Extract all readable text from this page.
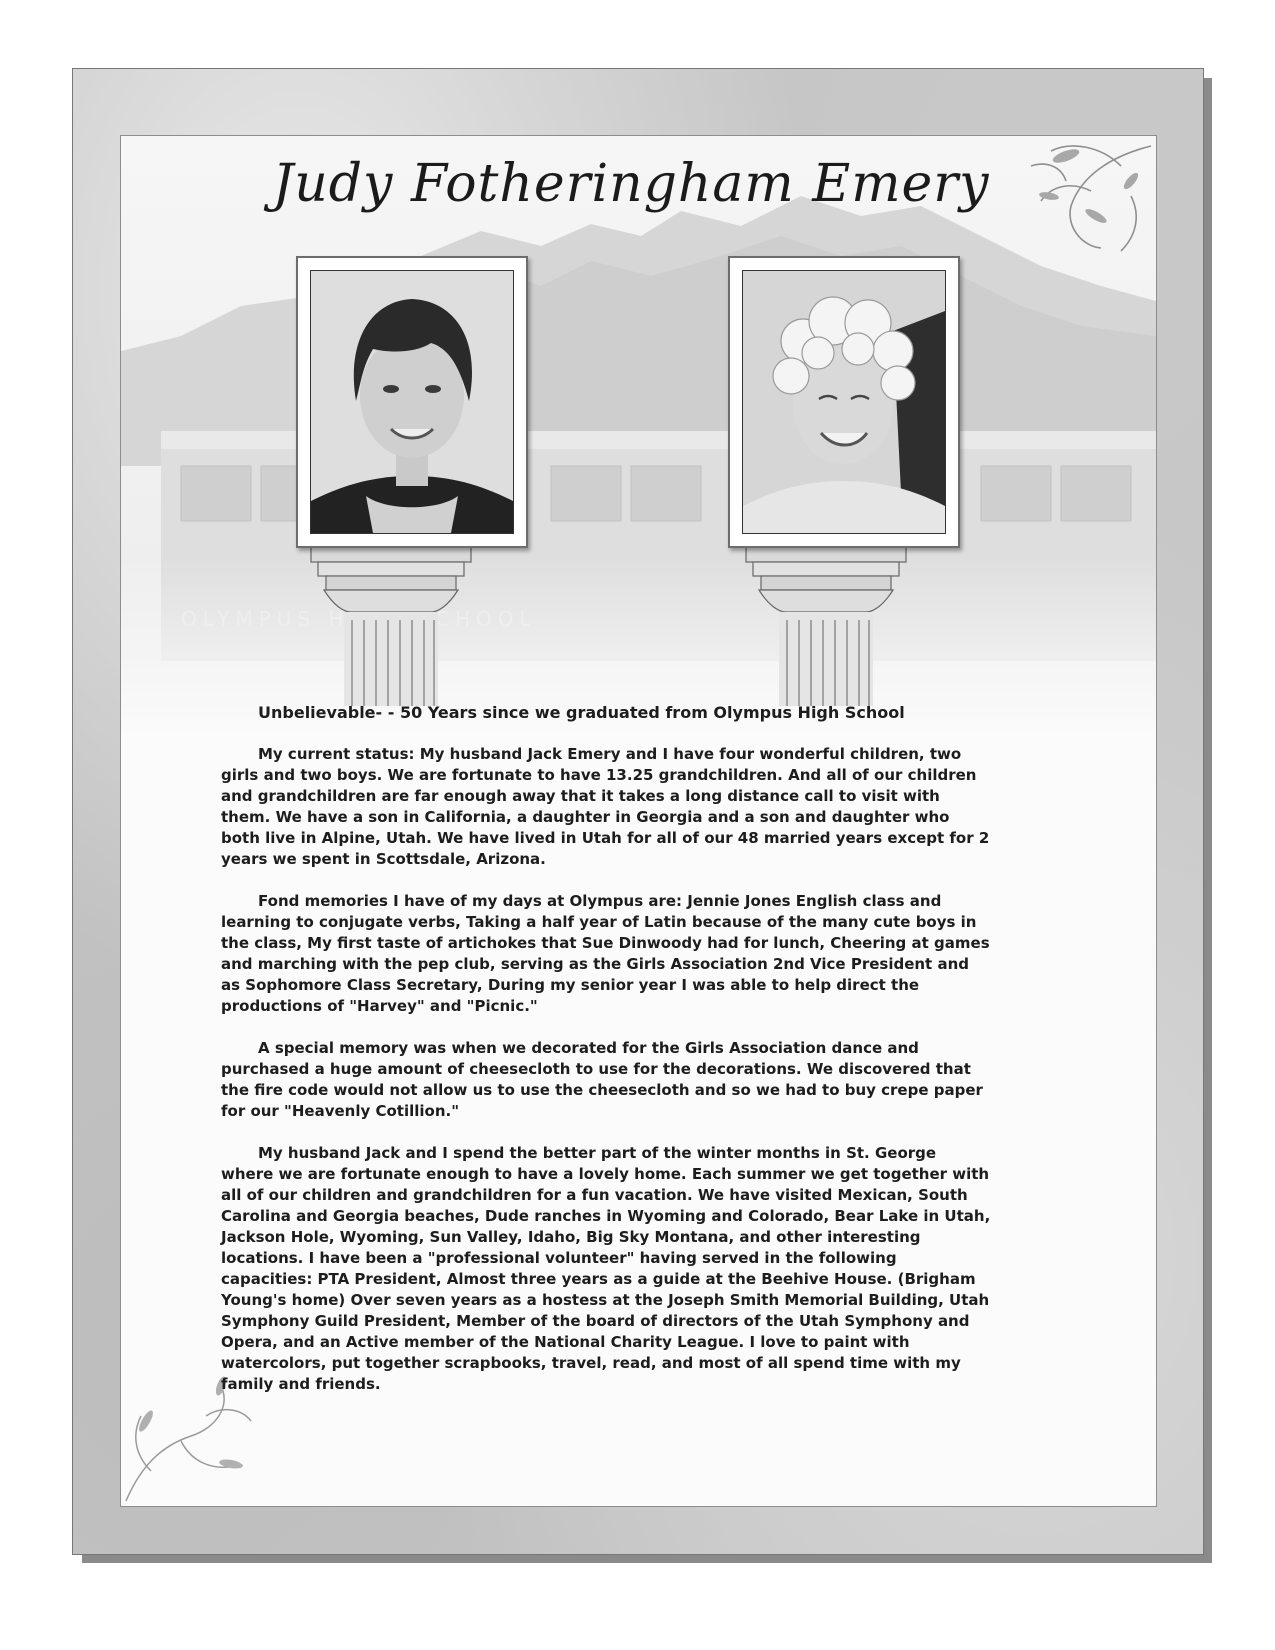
Judy Fotheringham Emery
Unbelievable- - 50 Years since we graduated from Olympus High School

My current status: My husband Jack Emery and I have four wonderful children, two girls and two boys. We are fortunate to have 13.25 grandchildren. And all of our children and grandchildren are far enough away that it takes a long distance call to visit with them. We have a son in California, a daughter in Georgia and a son and daughter who both live in Alpine, Utah. We have lived in Utah for all of our 48 married years except for 2 years we spent in Scottsdale, Arizona.

Fond memories I have of my days at Olympus are: Jennie Jones English class and learning to conjugate verbs, Taking a half year of Latin because of the many cute boys in the class, My first taste of artichokes that Sue Dinwoody had for lunch, Cheering at games and marching with the pep club, serving as the Girls Association 2nd Vice President and as Sophomore Class Secretary, During my senior year I was able to help direct the productions of "Harvey" and "Picnic."

A special memory was when we decorated for the Girls Association dance and purchased a huge amount of cheesecloth to use for the decorations. We discovered that the fire code would not allow us to use the cheesecloth and so we had to buy crepe paper for our "Heavenly Cotillion."

My husband Jack and I spend the better part of the winter months in St. George where we are fortunate enough to have a lovely home. Each summer we get together with all of our children and grandchildren for a fun vacation. We have visited Mexican, South Carolina and Georgia beaches, Dude ranches in Wyoming and Colorado, Bear Lake in Utah, Jackson Hole, Wyoming, Sun Valley, Idaho, Big Sky Montana, and other interesting locations. I have been a "professional volunteer" having served in the following capacities: PTA President, Almost three years as a guide at the Beehive House. (Brigham Young's home) Over seven years as a hostess at the Joseph Smith Memorial Building, Utah Symphony Guild President, Member of the board of directors of the Utah Symphony and Opera, and an Active member of the National Charity League. I love to paint with watercolors, put together scrapbooks, travel, read, and most of all spend time with my family and friends.
